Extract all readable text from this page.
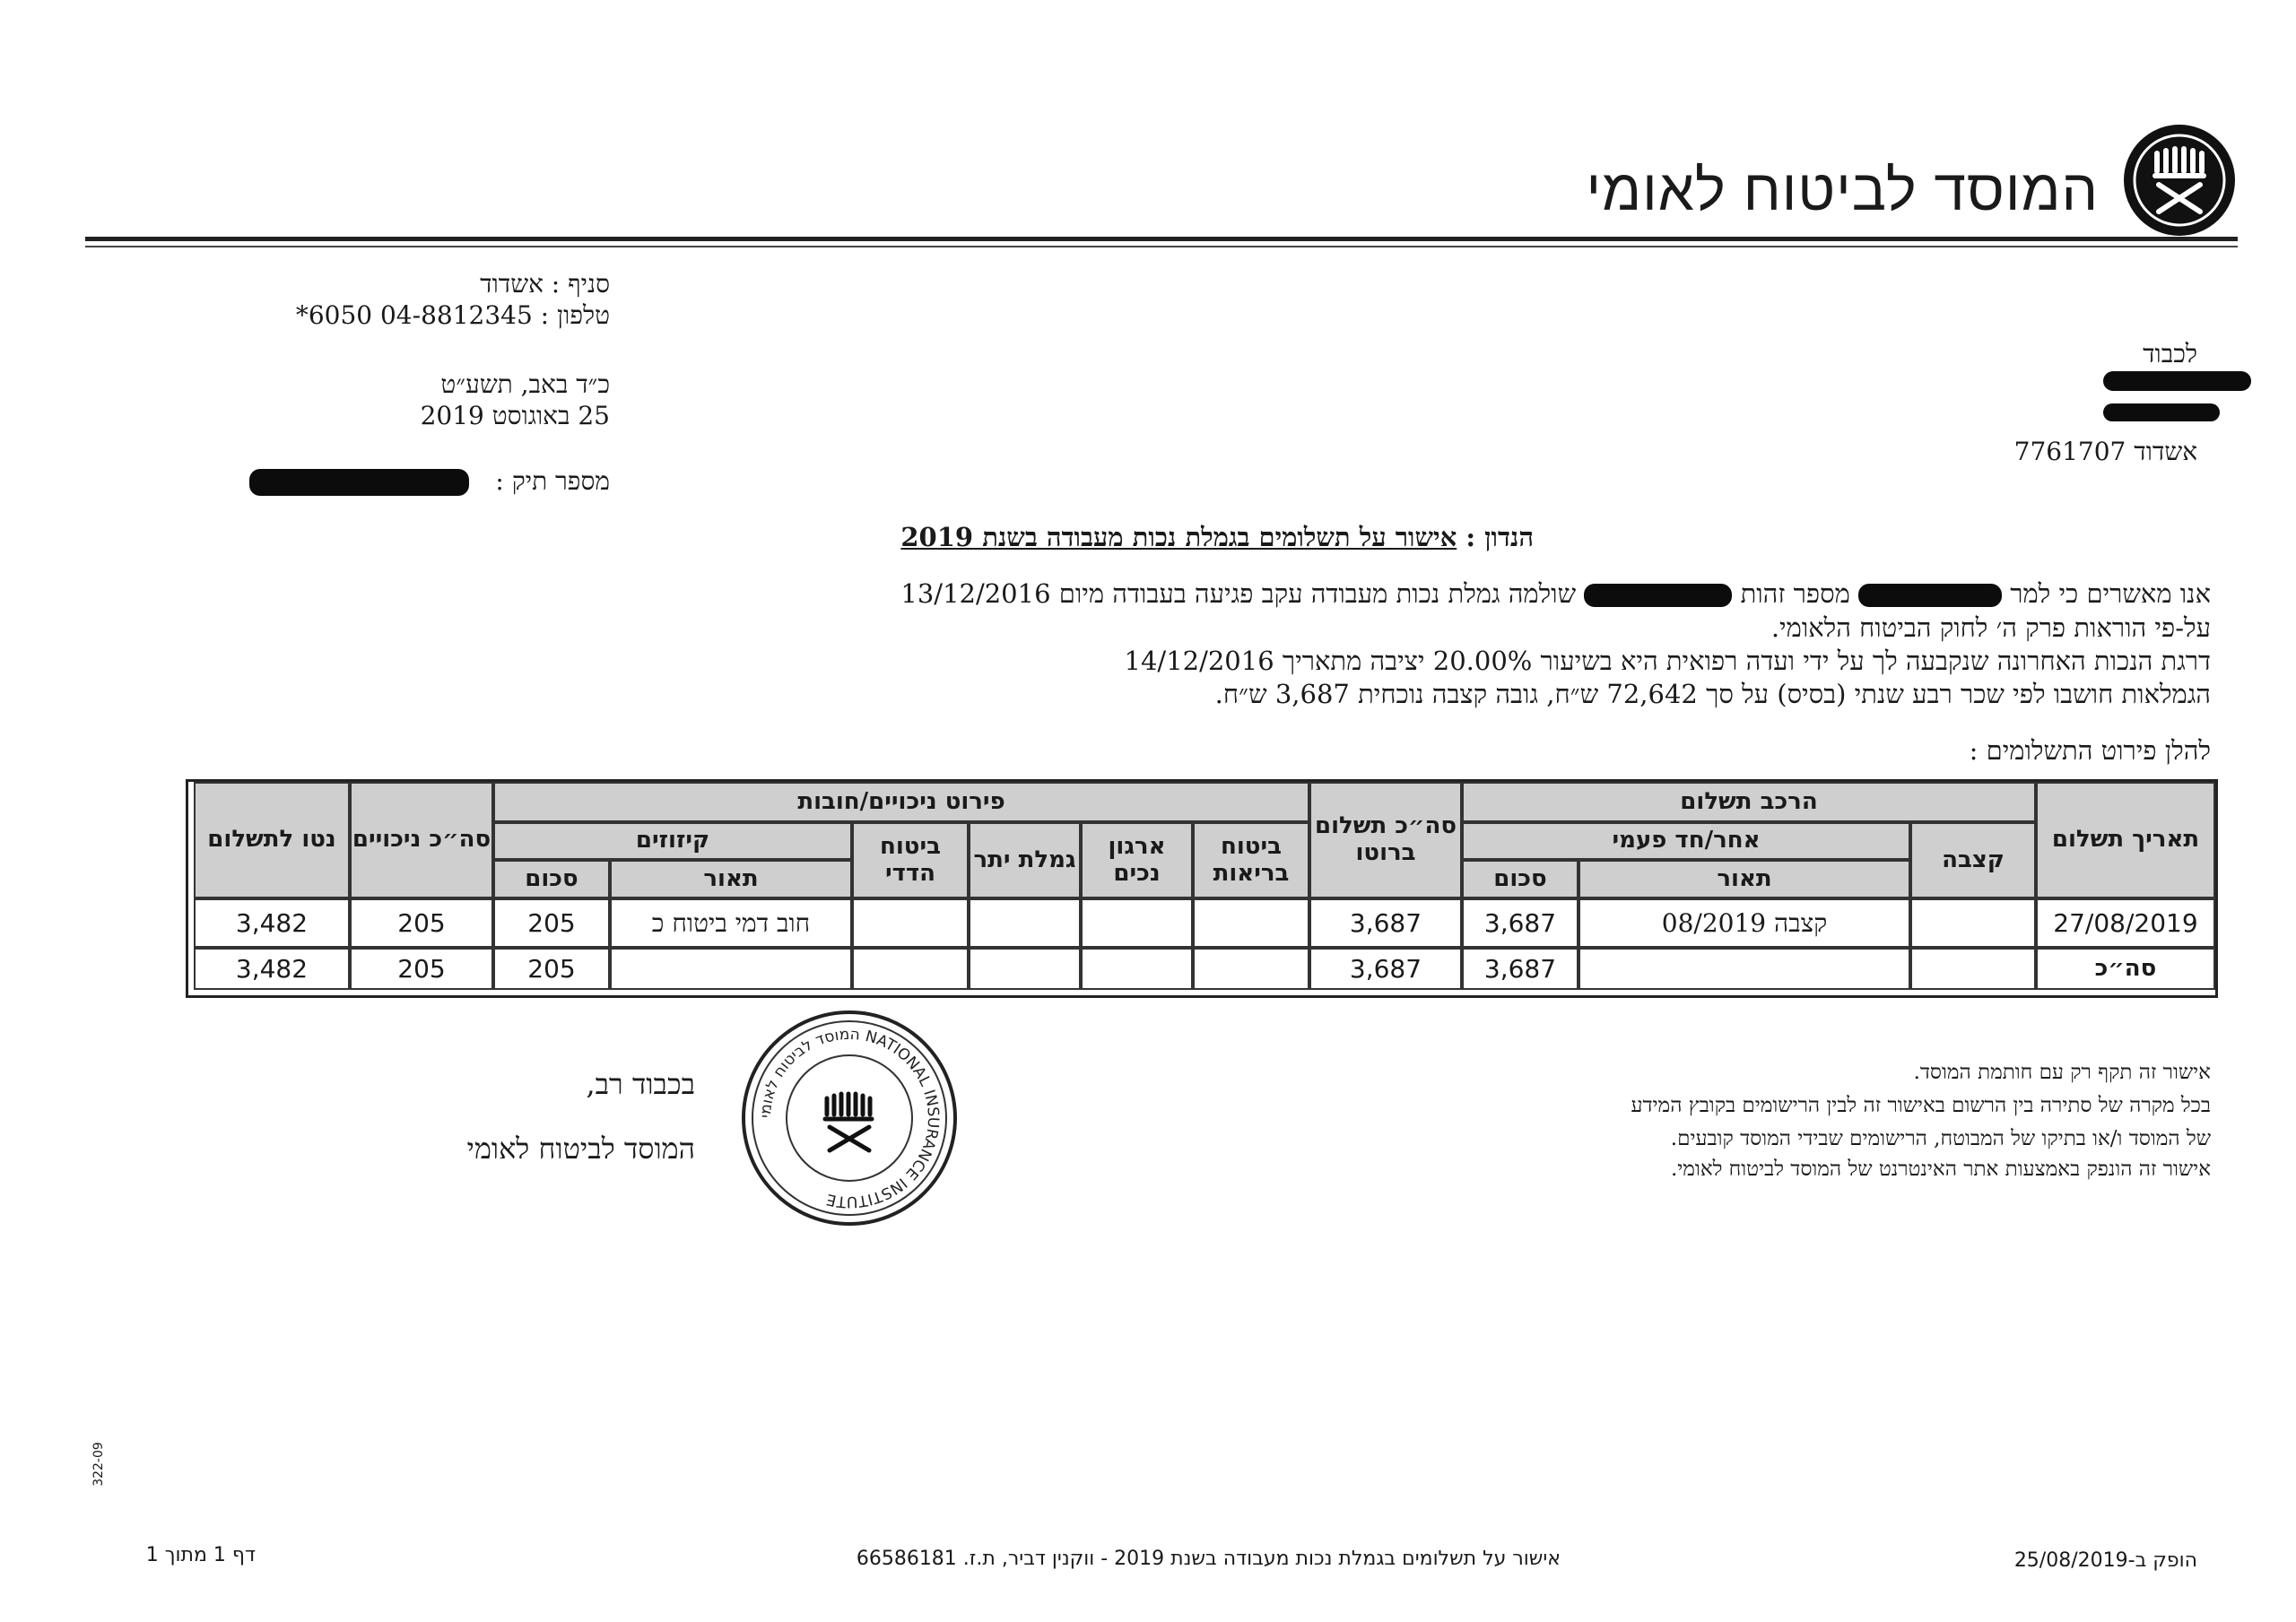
המוסד לביטוח לאומי
סניף : אשדוד
טלפון : 04-8812345 6050*
כ״ד באב, תשע״ט
25 באוגוסט 2019
מספר תיק :
לכבוד
אשדוד 7761707
הנדון : אישור על תשלומים בגמלת נכות מעבודה בשנת 2019
אנו מאשרים כי למר  מספר זהות  שולמה גמלת נכות מעבודה עקב פגיעה בעבודה מיום 13/12/2016
על-פי הוראות פרק ה׳ לחוק הביטוח הלאומי.
דרגת הנכות האחרונה שנקבעה לך על ידי ועדה רפואית היא בשיעור 20.00% יציבה מתאריך 14/12/2016
הגמלאות חושבו לפי שכר רבע שנתי (בסיס) על סך 72,642 ש״ח, גובה קצבה נוכחית 3,687 ש״ח.
להלן פירוט התשלומים :
תאריך תשלום
הרכב תשלום
קצבה
אחר/חד פעמי
תאור
סכום
סה״כ תשלום ברוטו
פירוט ניכויים/חובות
ביטוח בריאות
ארגון נכים
גמלת יתר
ביטוח הדדי
קיזוזים
תאור
סכום
סה״כ ניכויים
נטו לתשלום
27/08/2019
קצבה 08/2019
3,687
3,687
חוב דמי ביטוח כ
205
205
3,482
סה״כ
3,687
3,687
205
205
3,482
אישור זה תקף רק עם חותמת המוסד.
בכל מקרה של סתירה בין הרשום באישור זה לבין הרישומים בקובץ המידע
של המוסד ו/או בתיקו של המבוטח, הרישומים שבידי המוסד קובעים.
אישור זה הונפק באמצעות אתר האינטרנט של המוסד לביטוח לאומי.
המוסד לביטוח לאומי NATIONAL INSURANCE INSTITUTE
בכבוד רב,
המוסד לביטוח לאומי
322-09
הופק ב-25/08/2019
אישור על תשלומים בגמלת נכות מעבודה בשנת 2019 - ווקנין דביר, ת.ז. 66586181
דף 1 מתוך 1
